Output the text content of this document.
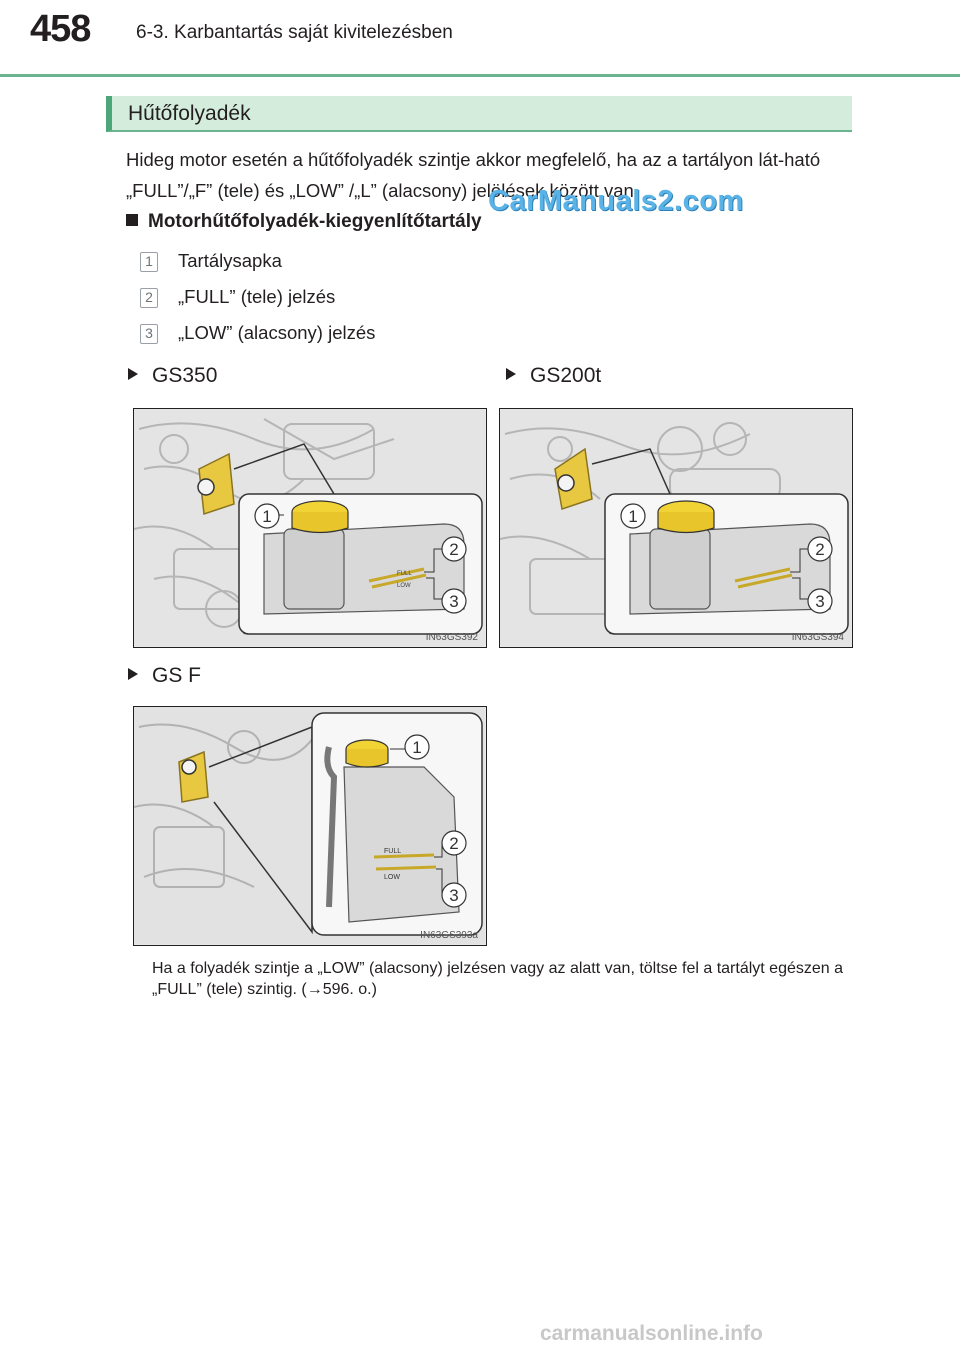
458 6-3. Karbantartás saját kivitelezésben
Hűtőfolyadék
Hideg motor esetén a hűtőfolyadék szintje akkor megfelelő, ha az a tartályon lát-ható „FULL”/„F” (tele) és „LOW” /„L” (alacsony) jelölések között van.
CarManuals2.com
Motorhűtőfolyadék-kiegyenlítőtartály
1 Tartálysapka
2 „FULL” (tele) jelzés
3 „LOW” (alacsony) jelzés
GS350	GS200t
GS F
FULL
LOW
1
2
3
IN63GS392
1
2
3
IN63GS394
FULL
LOW
1
2
3
IN63GS393a
Ha a folyadék szintje a „LOW” (alacsony) jelzésen vagy az alatt van, töltse fel a tartályt egészen a „FULL” (tele) szintig. (→596. o.)
carmanualsonline.info
